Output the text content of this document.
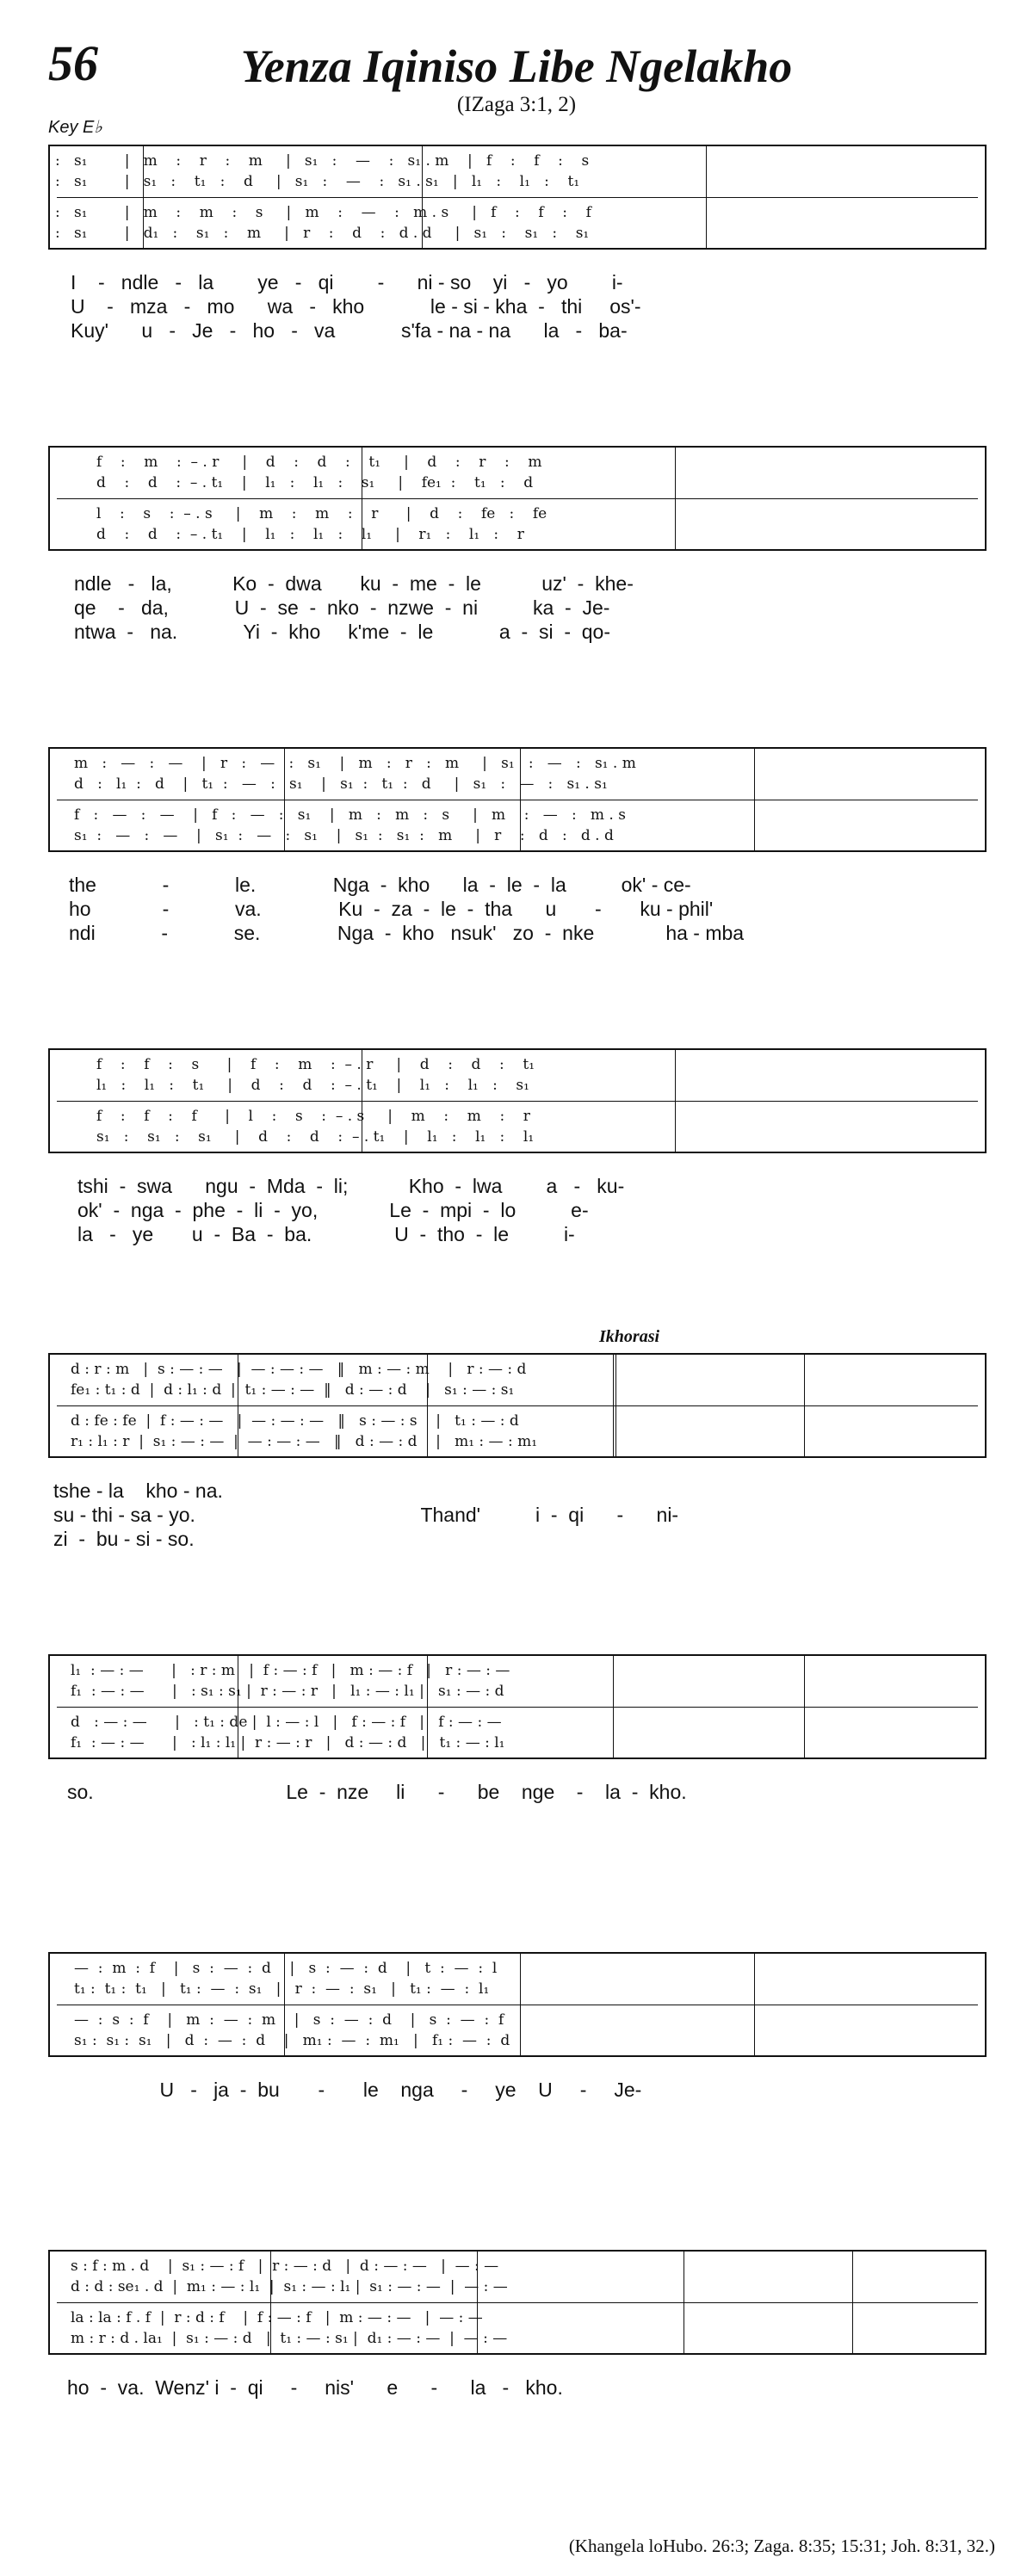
56	Yenza Iqiniso Libe Ngelakho
(IZaga 3:1, 2)
Key E♭
:   s₁        |   m    :    r    :    m     |   s₁   :    —    :   s₁ . m    |   f    :    f    :    s
:   s₁        |   s₁   :    t₁   :    d     |   s₁   :    —    :   s₁ . s₁   |   l₁   :    l₁   :    t₁
:   s₁        |   m    :    m    :    s     |   m    :    —    :   m . s     |   f    :    f    :    f
:   s₁        |   d₁   :    s₁   :    m     |   r    :    d    :   d . d     |   s₁   :    s₁   :    s₁
I    -   ndle   -   la        ye   -   qi        -      ni - so    yi   -   yo        i-
U    -   mza   -   mo      wa   -   kho            le - si - kha  -   thi     os'-
Kuy'      u   -   Je   -   ho   -   va            s'fa - na - na      la   -   ba-
f    :    m    :  – . r     |    d    :    d    :    t₁     |    d    :    r    :    m
d    :    d    :  – . t₁    |    l₁   :    l₁   :    s₁     |    fe₁  :    t₁   :    d
l    :    s    :  – . s     |    m    :    m    :    r      |    d    :    fe   :    fe
d    :    d    :  – . t₁    |    l₁   :    l₁   :    l₁     |    r₁   :    l₁   :    r
ndle   -   la,           Ko  -  dwa       ku  -  me  -  le           uz'  -  khe-
qe    -   da,            U  -  se  -  nko  -  nzwe  -  ni          ka  -  Je-
ntwa  -   na.            Yi  -  kho     k'me  -  le            a  -  si  -  qo-
m   :   —   :   —    |   r   :   —   :   s₁    |   m   :   r   :   m     |   s₁   :   —   :   s₁ . m
d   :   l₁  :   d    |   t₁  :   —   :   s₁    |   s₁  :   t₁  :   d     |   s₁   :   —   :   s₁ . s₁
f   :   —   :   —    |   f   :   —   :   s₁    |   m   :   m   :   s     |   m    :   —   :   m . s
s₁  :   —   :   —    |   s₁  :   —   :   s₁    |   s₁  :   s₁  :   m     |   r    :   d   :   d . d
the            -            le.              Nga  -  kho      la  -  le  -  la          ok' - ce-
ho             -            va.              Ku  -  za  -  le  -  tha      u       -       ku - phil'
ndi            -            se.              Nga  -  kho   nsuk'   zo  -  nke             ha - mba
f    :    f    :    s      |    f    :    m    :  – . r     |    d    :    d    :    t₁
l₁   :    l₁   :    t₁     |    d    :    d    :  – . t₁    |    l₁   :    l₁   :    s₁
f    :    f    :    f      |    l    :    s    :  – . s     |    m    :    m    :    r
s₁   :    s₁   :    s₁     |    d    :    d    :  – . t₁    |    l₁   :    l₁   :    l₁
tshi  -  swa      ngu  -  Mda  -  li;           Kho  -  lwa        a   -   ku-
ok'  -  nga  -  phe  -  li  -  yo,             Le  -  mpi  -  lo          e-
la   -   ye       u  -  Ba  -  ba.               U  -  tho  -  le          i-
Ikhorasi
d : r : m   |  s : — : —   |  — : — : —   ‖   m : — : m    |   r : — : d
fe₁ : t₁ : d  |  d : l₁ : d  |  t₁ : — : —  ‖   d : — : d    |   s₁ : — : s₁
d : fe : fe  |  f : — : —   |  — : — : —   ‖   s : — : s    |   t₁ : — : d
r₁ : l₁ : r  |  s₁ : — : —  |  — : — : —   ‖   d : — : d    |   m₁ : — : m₁
tshe - la    kho - na.
su - thi - sa - yo.                                         Thand'          i  -  qi      -      ni-
zi  -  bu - si - so.
l₁  : — : —      |   : r : m   |  f : — : f   |   m : — : f   |   r : — : —
f₁  : — : —      |   : s₁ : s₁ |  r : — : r   |   l₁ : — : l₁ |   s₁ : — : d
d   : — : —      |   : t₁ : de |  l : — : l   |   f : — : f   |   f : — : —
f₁  : — : —      |   : l₁ : l₁ |  r : — : r   |   d : — : d   |   t₁ : — : l₁
so.                                   Le  -  nze     li      -      be    nge    -    la  -  kho.
—  :  m  :  f    |   s  :  —  :  d    |   s  :  —  :  d    |   t  :  —  :  l
t₁ :  t₁ :  t₁   |   t₁ :  —  :  s₁   |   r  :  —  :  s₁   |   t₁ :  —  :  l₁
—  :  s  :  f    |   m  :  —  :  m    |   s  :  —  :  d    |   s  :  —  :  f
s₁ :  s₁ :  s₁   |   d  :  —  :  d    |   m₁ :  —  :  m₁   |   f₁ :  —  :  d
U   -   ja  -  bu       -       le    nga     -     ye    U     -     Je-
s : f : m . d    |  s₁ : — : f   |  r : — : d   |  d : — : —   |  — : —
d : d : se₁ . d  |  m₁ : — : l₁  |  s₁ : — : l₁ |  s₁ : — : —  |  — : —
la : la : f . f  |  r : d : f    |  f : — : f   |  m : — : —   |  — : —
m : r : d . la₁  |  s₁ : — : d   |  t₁ : — : s₁ |  d₁ : — : —  |  — : —
ho  -  va.  Wenz' i  -  qi     -     nis'      e      -      la   -   kho.
(Khangela loHubo. 26:3; Zaga. 8:35; 15:31; Joh. 8:31, 32.)
